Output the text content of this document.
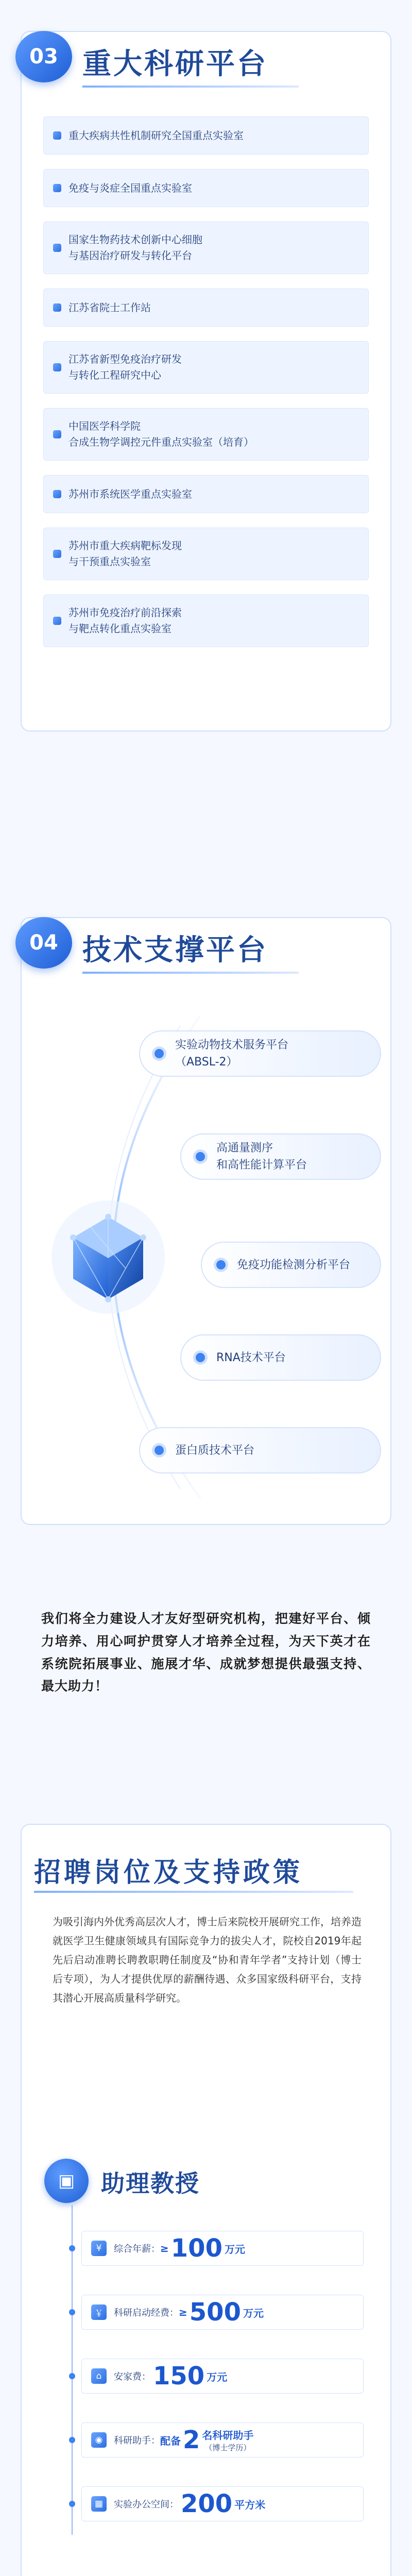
03 重大科研平台
重大疾病共性机制研究全国重点实验室
免疫与炎症全国重点实验室
国家生物药技术创新中心细胞
与基因治疗研发与转化平台
江苏省院士工作站
江苏省新型免疫治疗研发
与转化工程研究中心
中国医学科学院
合成生物学调控元件重点实验室（培育）
苏州市系统医学重点实验室
苏州市重大疾病靶标发现
与干预重点实验室
苏州市免疫治疗前沿探索
与靶点转化重点实验室
04 技术支撑平台
实验动物技术服务平台
（ABSL-2）
高通量测序
和高性能计算平台
免疫功能检测分析平台
RNA技术平台
蛋白质技术平台
我们将全力建设人才友好型研究机构，把建好平台、倾力培养、用心呵护贯穿人才培养全过程，为天下英才在系统院拓展事业、施展才华、成就梦想提供最强支持、最大助力！
招聘岗位及支持政策
为吸引海内外优秀高层次人才，博士后来院校开展研究工作，培养造就医学卫生健康领域具有国际竞争力的拔尖人才，院校自2019年起先后启动准聘长聘教职聘任制度及“协和青年学者”支持计划（博士后专项），为人才提供优厚的薪酬待遇、众多国家级科研平台，支持其潜心开展高质量科学研究。
▣	助理教授
¥	综合年薪： ≥ 100 万元
￥	科研启动经费： ≥ 500 万元
⌂	安家费： 150 万元
◉	科研助手： 配备 2 名科研助手
（博士学历）
▦	实验办公空间： 200 平方米
